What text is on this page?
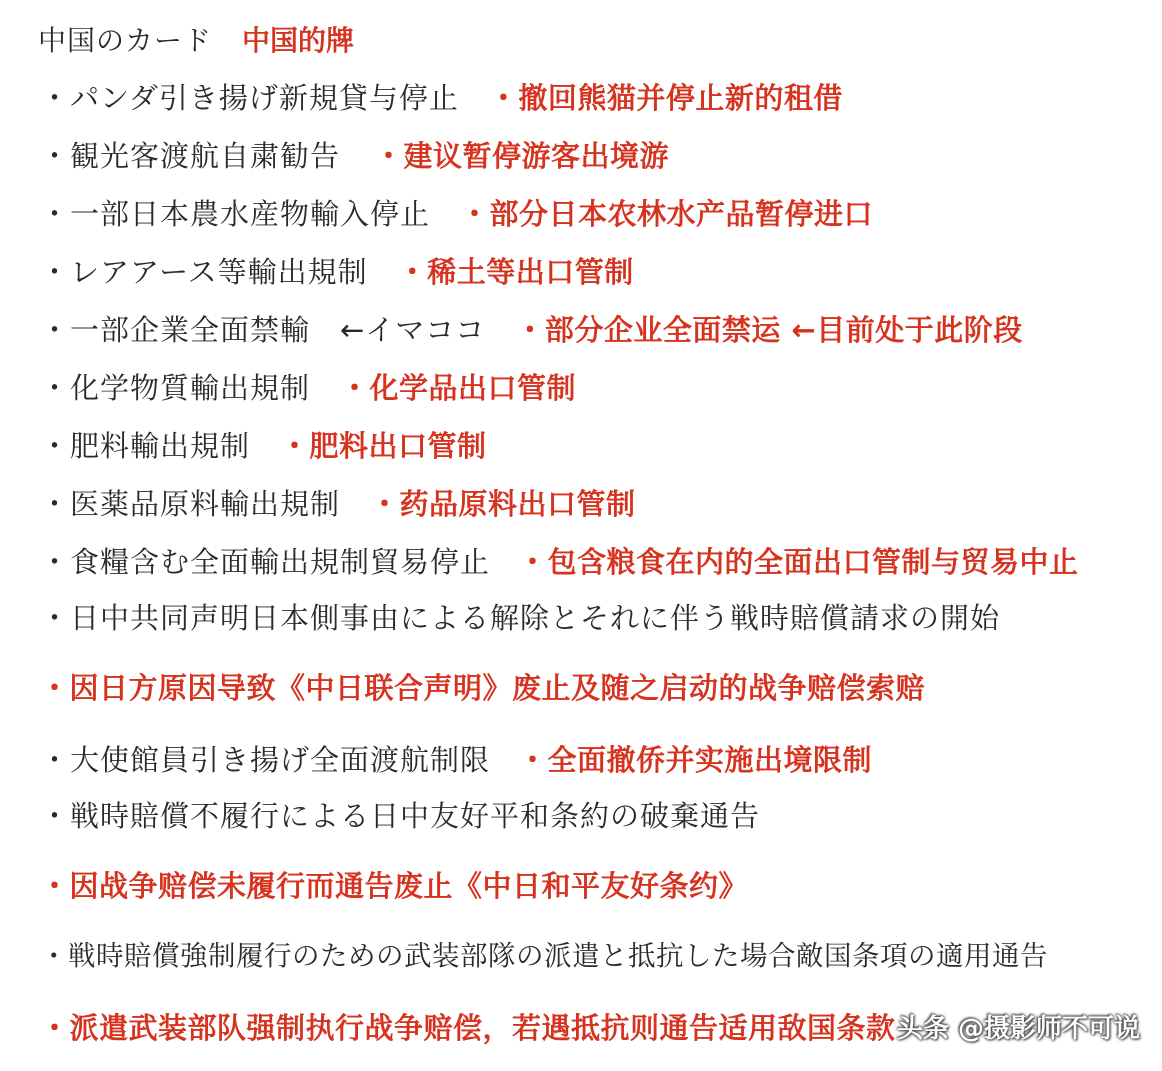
中国のカード 中国的牌
・パンダ引き揚げ新規貸与停止 ・撤回熊猫并停止新的租借
・観光客渡航自粛勧告 ・建议暂停游客出境游
・一部日本農水産物輸入停止 ・部分日本农林水产品暂停进口
・レアアース等輸出規制 ・稀土等出口管制
・一部企業全面禁輸　←イマココ ・部分企业全面禁运 ←目前处于此阶段
・化学物質輸出規制 ・化学品出口管制
・肥料輸出規制 ・肥料出口管制
・医薬品原料輸出規制 ・药品原料出口管制
・食糧含む全面輸出規制貿易停止 ・包含粮食在内的全面出口管制与贸易中止
・日中共同声明日本側事由による解除とそれに伴う戦時賠償請求の開始
・因日方原因导致《中日联合声明》废止及随之启动的战争赔偿索赔
・大使館員引き揚げ全面渡航制限 ・全面撤侨并实施出境限制
・戦時賠償不履行による日中友好平和条約の破棄通告
・因战争赔偿未履行而通告废止《中日和平友好条约》
・戦時賠償強制履行のための武装部隊の派遣と抵抗した場合敵国条項の適用通告
・派遣武装部队强制执行战争赔偿，若遇抵抗则通告适用敌国条款 头条 @摄影师不可说
